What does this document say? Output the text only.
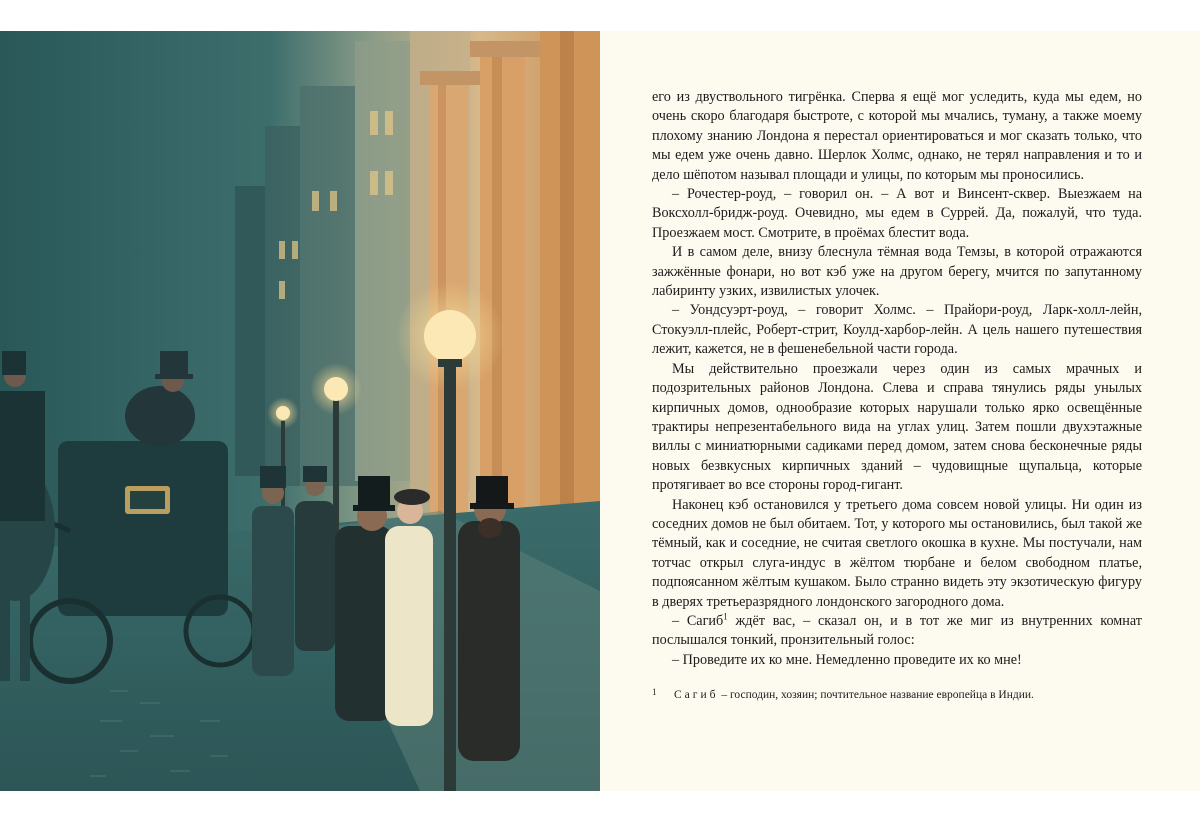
его из двуствольного тигрёнка. Сперва я ещё мог уследить, куда мы едем, но очень скоро благодаря быстроте, с которой мы мчались, туману, а также моему плохому знанию Лондона я перестал ориентироваться и мог сказать только, что мы едем уже очень давно. Шерлок Холмс, однако, не терял направления и то и дело шёпотом называл площади и улицы, по которым мы проносились.

– Рочестер-роуд, – говорил он. – А вот и Винсент-сквер. Выезжаем на Воксхолл-бридж-роуд. Очевидно, мы едем в Суррей. Да, пожалуй, что туда. Проезжаем мост. Смотрите, в проёмах блестит вода.

И в самом деле, внизу блеснула тёмная вода Темзы, в которой отражаются зажжённые фонари, но вот кэб уже на другом берегу, мчится по запутанному лабиринту узких, извилистых улочек.

– Уондсуэрт-роуд, – говорит Холмс. – Прайори-роуд, Ларк-холл-лейн, Стокуэлл-плейс, Роберт-стрит, Коулд-харбор-лейн. А цель нашего путешествия лежит, кажется, не в фешенебельной части города.

Мы действительно проезжали через один из самых мрачных и подозрительных районов Лондона. Слева и справа тянулись ряды унылых кирпичных домов, однообразие которых нарушали только ярко освещённые трактиры непрезентабельного вида на углах улиц. Затем пошли двухэтажные виллы с миниатюрными садиками перед домом, затем снова бесконечные ряды новых безвкусных кирпичных зданий – чудовищные щупальца, которые протягивает во все стороны город-гигант.

Наконец кэб остановился у третьего дома совсем новой улицы. Ни один из соседних домов не был обитаем. Тот, у которого мы остановились, был такой же тёмный, как и соседние, не считая светлого окошка в кухне. Мы постучали, нам тотчас открыл слуга-индус в жёлтом тюрбане и белом свободном платье, подпоясанном жёлтым кушаком. Было странно видеть эту экзотическую фигуру в дверях третьеразрядного лондонского загородного дома.

– Сагиб$^1$ ждёт вас, – сказал он, и в тот же миг из внутренних комнат послышался тонкий, пронзительный голос:

– Проведите их ко мне. Немедленно проведите их ко мне!

1	Сагиб – господин, хозяин; почтительное название европейца в Индии.
